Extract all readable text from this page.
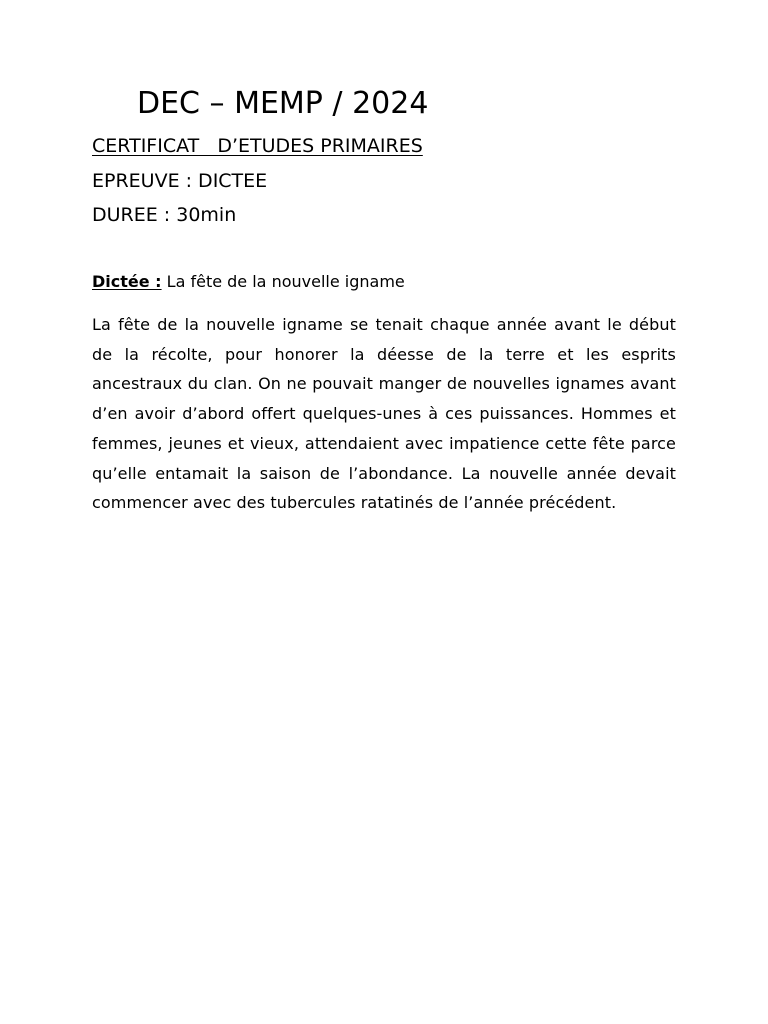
DEC – MEMP / 2024
CERTIFICAT   D’ETUDES PRIMAIRES
EPREUVE : DICTEE
DUREE : 30min
Dictée : La fête de la nouvelle igname
La fête de la nouvelle igname se tenait chaque année avant le début de la récolte, pour honorer la déesse de la terre et les esprits ancestraux du clan. On ne pouvait manger de nouvelles ignames avant d’en avoir d’abord offert quelques-unes à ces puissances. Hommes et femmes, jeunes et vieux, attendaient avec impatience cette fête parce qu’elle entamait la saison de l’abondance. La nouvelle année devait commencer avec des tubercules ratatinés de l’année précédent.
